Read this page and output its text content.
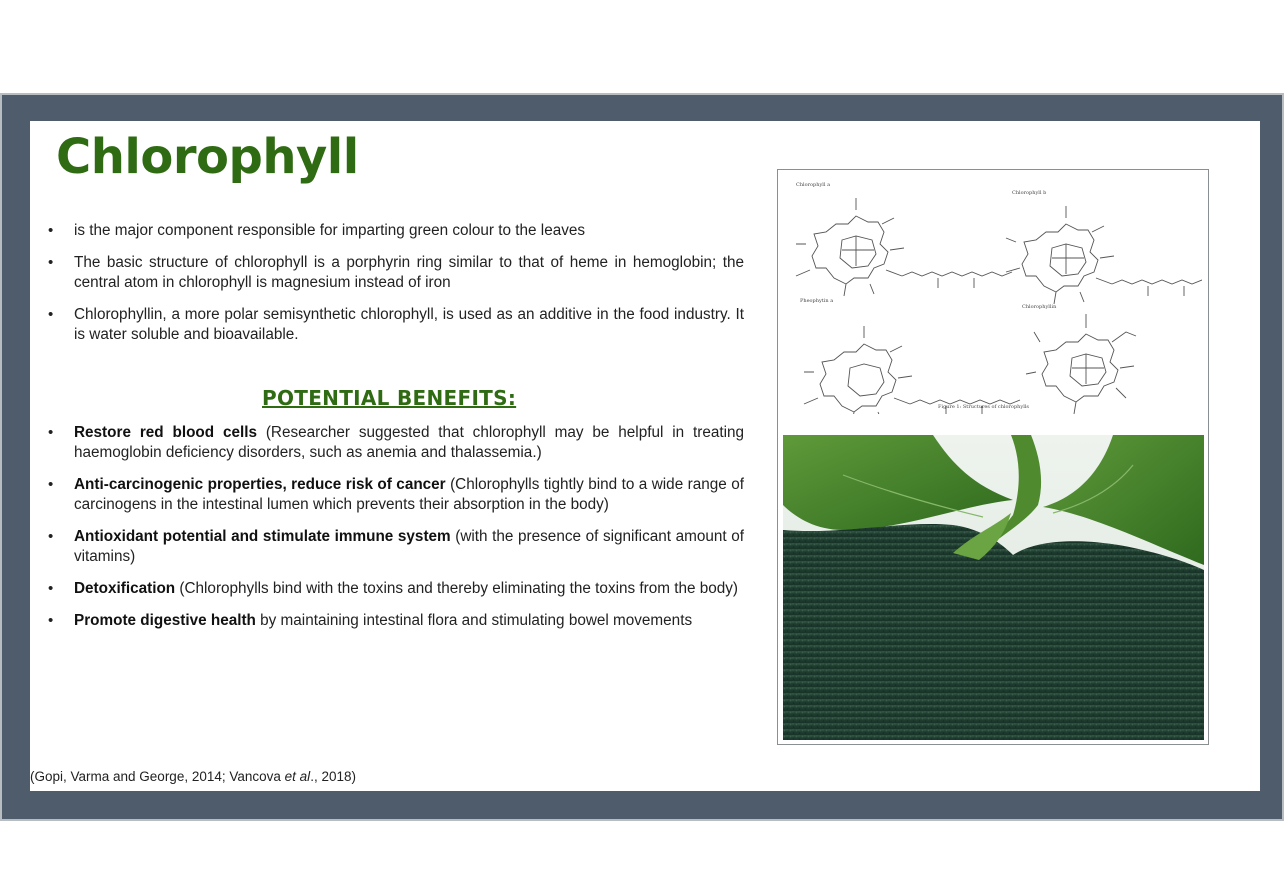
Chlorophyll
• is the major component responsible for imparting green colour to the leaves
• The basic structure of chlorophyll is a porphyrin ring similar to that of heme in hemoglobin; the central atom in chlorophyll is magnesium instead of iron
• Chlorophyllin, a more polar semisynthetic chlorophyll, is used as an additive in the food industry. It is water soluble and bioavailable.
POTENTIAL BENEFITS:
• Restore red blood cells (Researcher suggested that chlorophyll may be helpful in treating haemoglobin deficiency disorders, such as anemia and thalassemia.)
• Anti-carcinogenic properties, reduce risk of cancer (Chlorophylls tightly bind to a wide range of carcinogens in the intestinal lumen which prevents their absorption in the body)
• Antioxidant potential and stimulate immune system (with the presence of significant amount of vitamins)
• Detoxification (Chlorophylls bind with the toxins and thereby eliminating the toxins from the body)
• Promote digestive health by maintaining intestinal flora and stimulating bowel movements
(Gopi, Varma and George, 2014; Vancova et al., 2018)
Chlorophyll a
Chlorophyll b
Pheophytin a
Chlorophyllin
Figure 1: Structures of chlorophylls
